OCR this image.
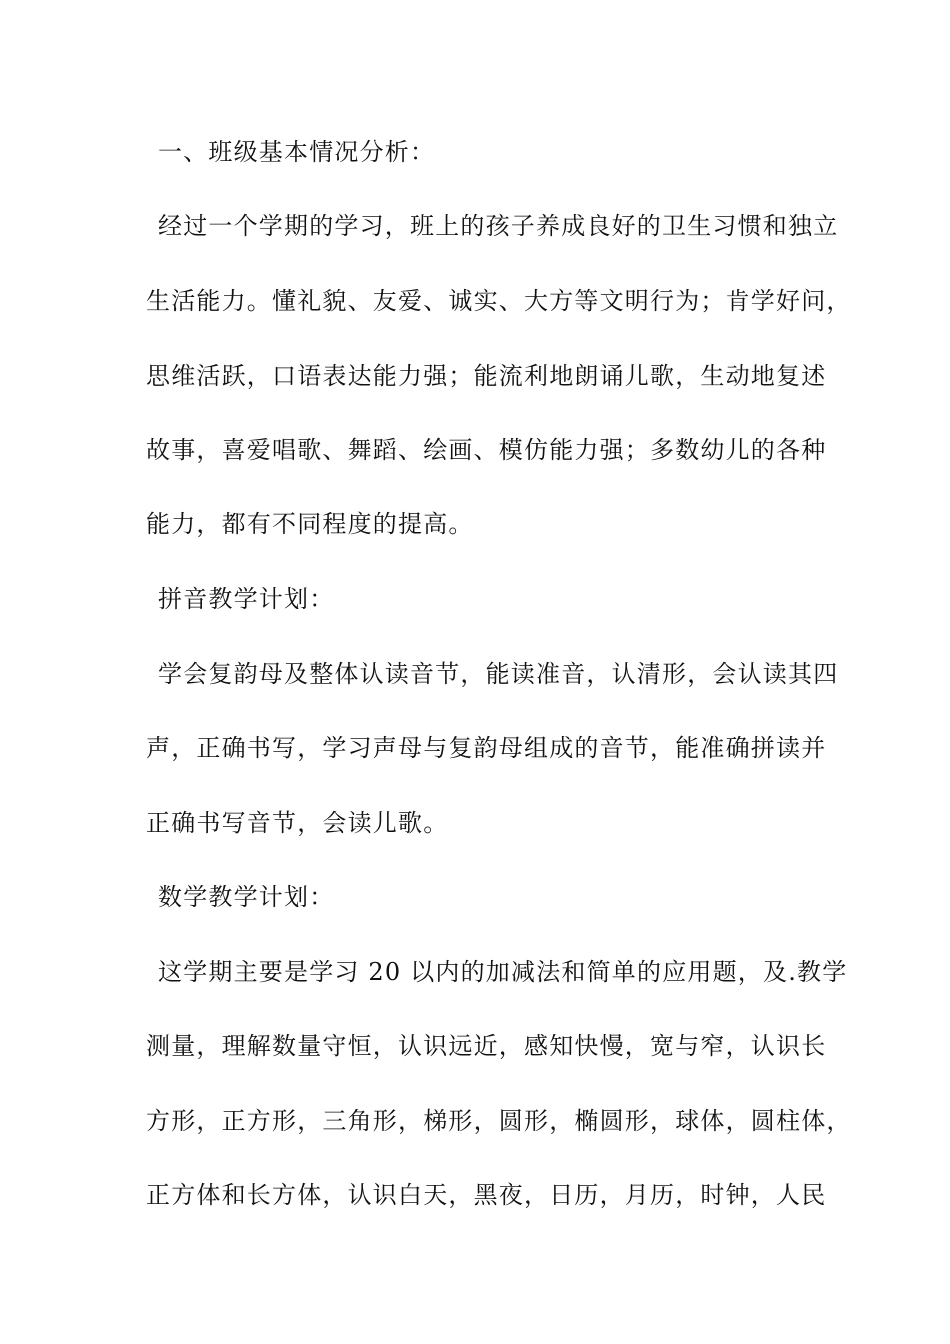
一、班级基本情况分析：
经过一个学期的学习，班上的孩子养成良好的卫生习惯和独立
生活能力。懂礼貌、友爱、诚实、大方等文明行为；肯学好问，
思维活跃，口语表达能力强；能流利地朗诵儿歌，生动地复述
故事，喜爱唱歌、舞蹈、绘画、模仿能力强；多数幼儿的各种
能力，都有不同程度的提高。
拼音教学计划：
学会复韵母及整体认读音节，能读准音，认清形，会认读其四
声，正确书写，学习声母与复韵母组成的音节，能准确拼读并
正确书写音节，会读儿歌。
数学教学计划：
这学期主要是学习 20 以内的加减法和简单的应用题，及.教学
测量，理解数量守恒，认识远近，感知快慢，宽与窄，认识长
方形，正方形，三角形，梯形，圆形，椭圆形，球体，圆柱体，
正方体和长方体，认识白天，黑夜，日历，月历，时钟，人民
